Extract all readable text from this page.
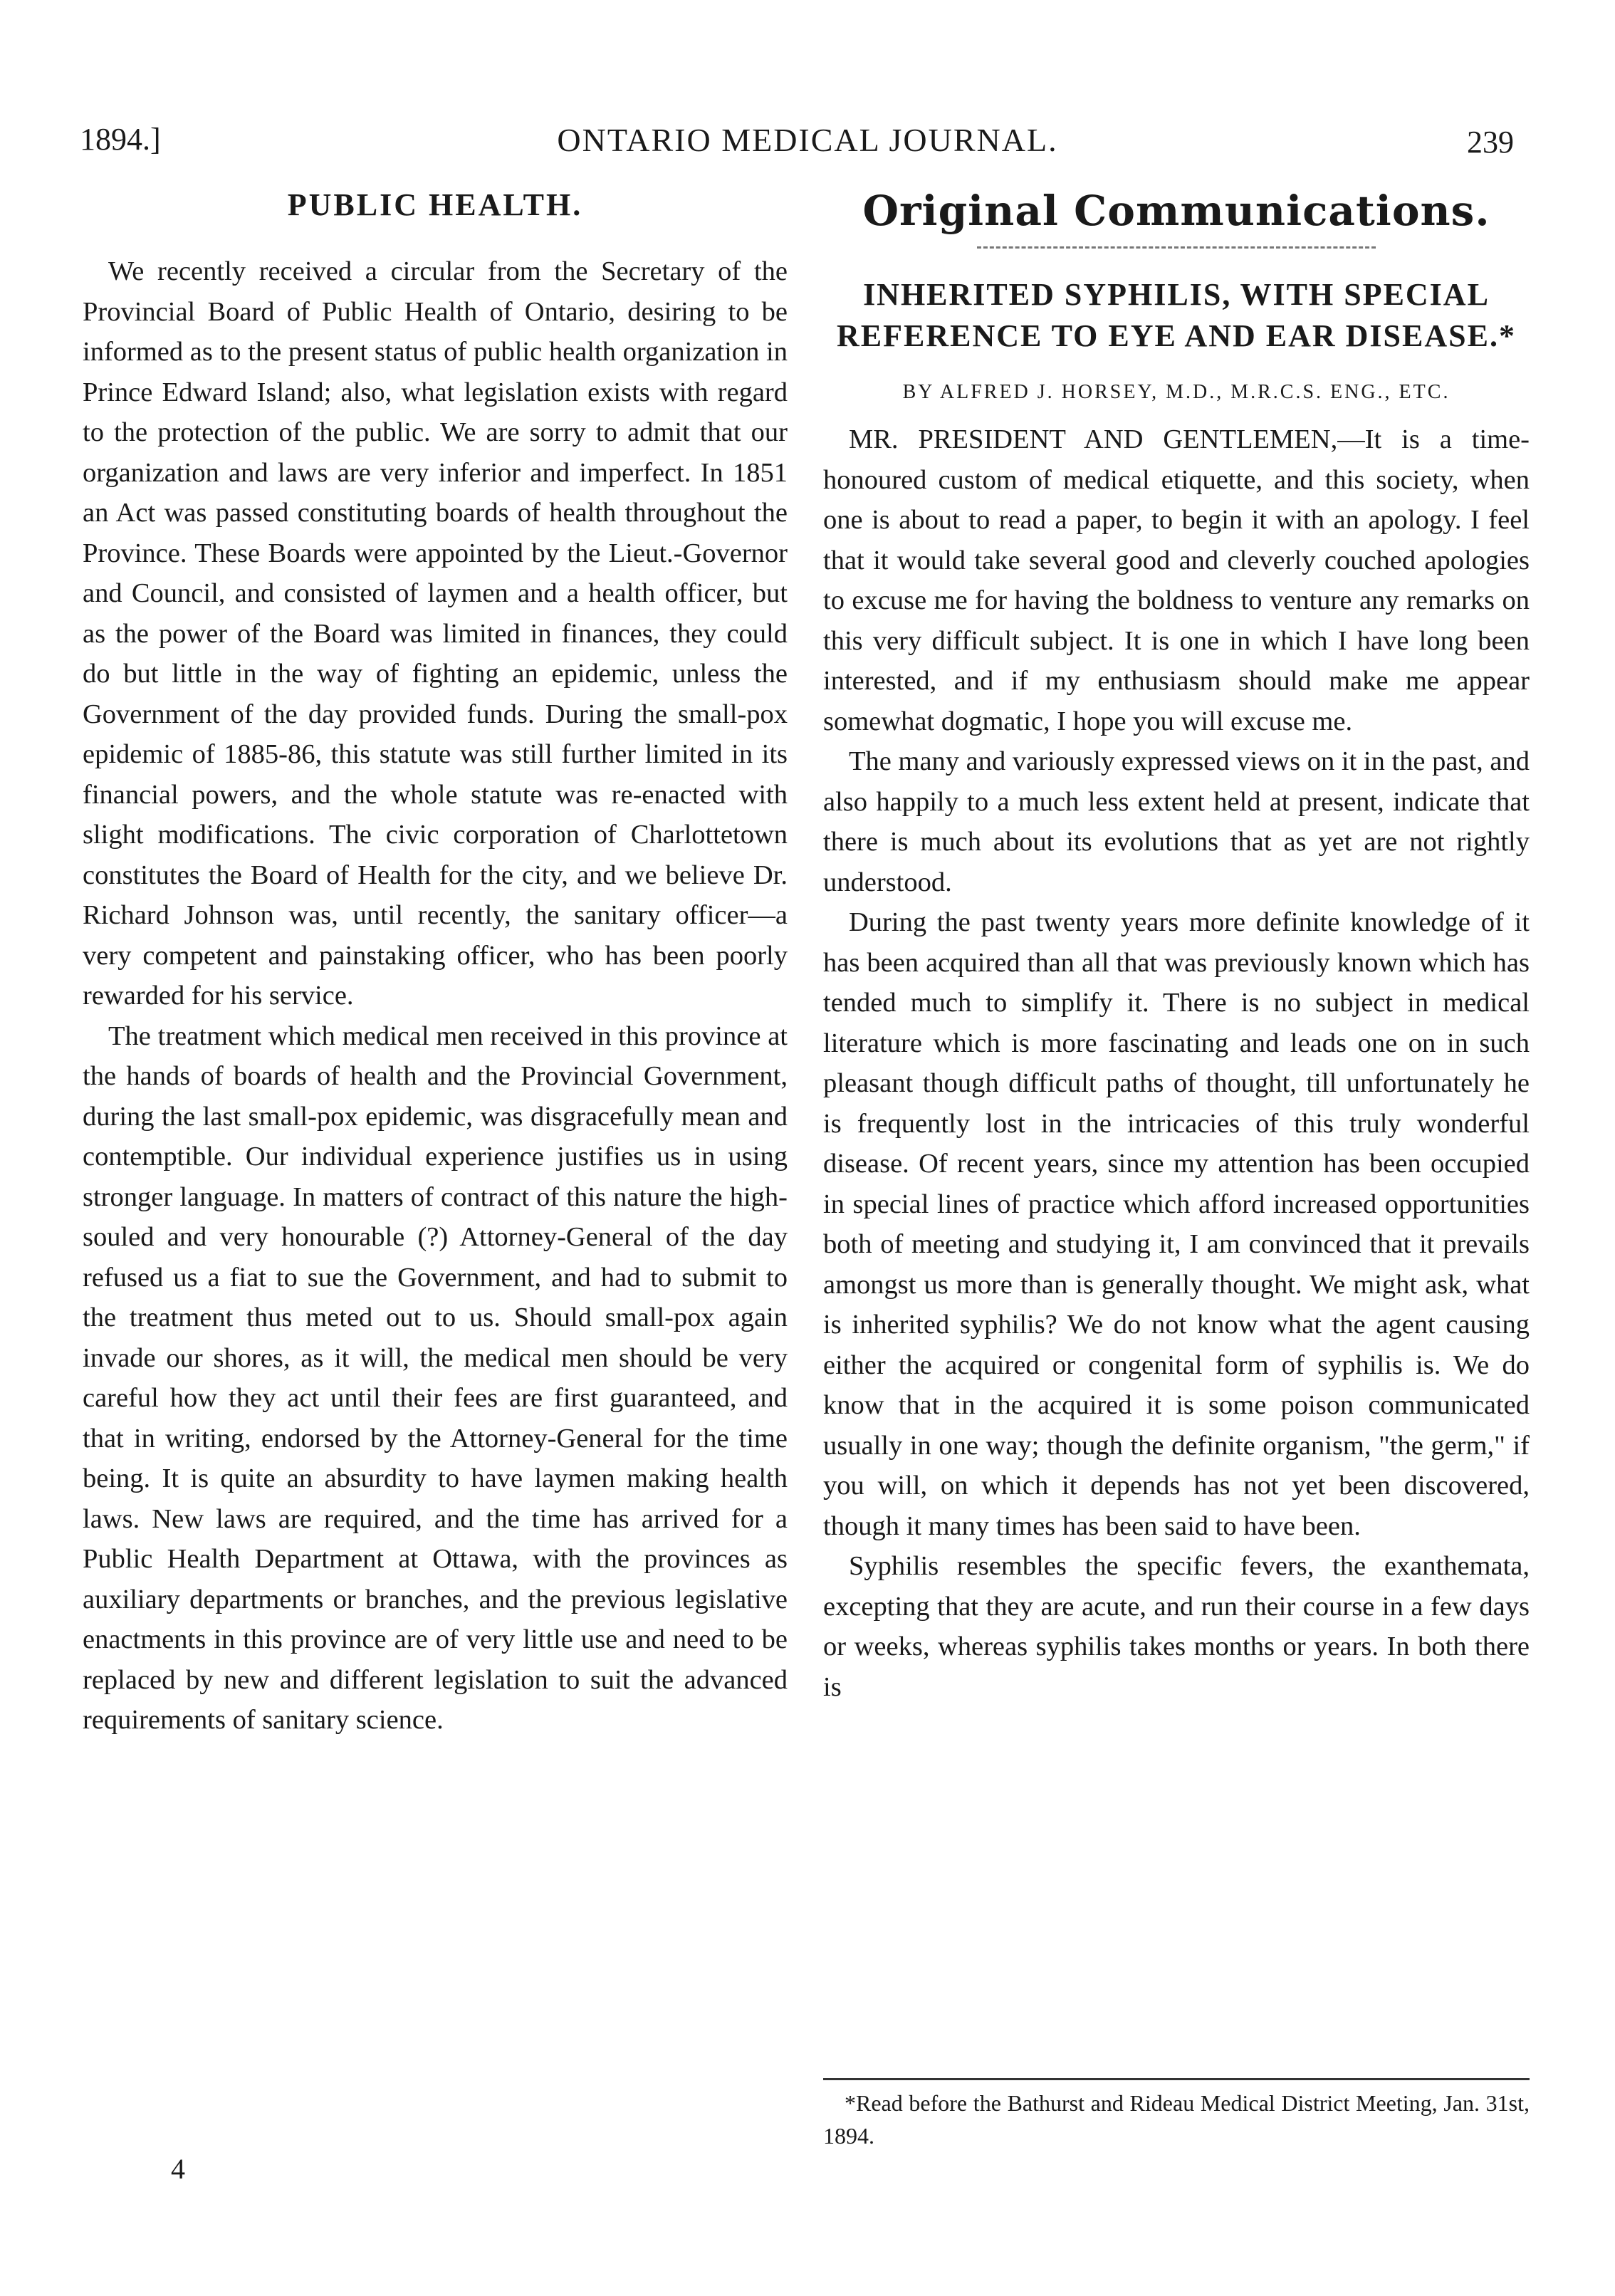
1894.]	ONTARIO MEDICAL JOURNAL.	239
PUBLIC HEALTH.

We recently received a circular from the Secretary of the Provincial Board of Public Health of Ontario, desiring to be informed as to the present status of public health organization in Prince Edward Island; also, what legislation exists with regard to the protection of the public. We are sorry to admit that our organization and laws are very inferior and imperfect. In 1851 an Act was passed constituting boards of health throughout the Province. These Boards were appointed by the Lieut.-Governor and Council, and consisted of laymen and a health officer, but as the power of the Board was limited in finances, they could do but little in the way of fighting an epidemic, unless the Government of the day provided funds. During the small-pox epidemic of 1885-86, this statute was still further limited in its financial powers, and the whole statute was re-enacted with slight modifications. The civic corporation of Charlottetown constitutes the Board of Health for the city, and we believe Dr. Richard Johnson was, until recently, the sanitary officer—a very competent and painstaking officer, who has been poorly rewarded for his service.

The treatment which medical men received in this province at the hands of boards of health and the Provincial Government, during the last small-pox epidemic, was disgracefully mean and contemptible. Our individual experience justifies us in using stronger language. In matters of contract of this nature the high-souled and very honourable (?) Attorney-General of the day refused us a fiat to sue the Government, and had to submit to the treatment thus meted out to us. Should small-pox again invade our shores, as it will, the medical men should be very careful how they act until their fees are first guaranteed, and that in writing, endorsed by the Attorney-General for the time being. It is quite an absurdity to have laymen making health laws. New laws are required, and the time has arrived for a Public Health Department at Ottawa, with the provinces as auxiliary departments or branches, and the previous legislative enactments in this province are of very little use and need to be replaced by new and different legislation to suit the advanced requirements of sanitary science.

Original Communications.
INHERITED SYPHILIS, WITH SPECIAL REFERENCE TO EYE AND EAR DISEASE.*
BY ALFRED J. HORSEY, M.D., M.R.C.S. ENG., ETC.

MR. PRESIDENT AND GENTLEMEN,—It is a time-honoured custom of medical etiquette, and this society, when one is about to read a paper, to begin it with an apology. I feel that it would take several good and cleverly couched apologies to excuse me for having the boldness to venture any remarks on this very difficult subject. It is one in which I have long been interested, and if my enthusiasm should make me appear somewhat dogmatic, I hope you will excuse me.

The many and variously expressed views on it in the past, and also happily to a much less extent held at present, indicate that there is much about its evolutions that as yet are not rightly understood.

During the past twenty years more definite knowledge of it has been acquired than all that was previously known which has tended much to simplify it. There is no subject in medical literature which is more fascinating and leads one on in such pleasant though difficult paths of thought, till unfortunately he is frequently lost in the intricacies of this truly wonderful disease. Of recent years, since my attention has been occupied in special lines of practice which afford increased opportunities both of meeting and studying it, I am convinced that it prevails amongst us more than is generally thought. We might ask, what is inherited syphilis? We do not know what the agent causing either the acquired or congenital form of syphilis is. We do know that in the acquired it is some poison communicated usually in one way; though the definite organism, "the germ," if you will, on which it depends has not yet been discovered, though it many times has been said to have been.

Syphilis resembles the specific fevers, the exanthemata, excepting that they are acute, and run their course in a few days or weeks, whereas syphilis takes months or years. In both there is

*Read before the Bathurst and Rideau Medical District Meeting, Jan. 31st, 1894.

4
